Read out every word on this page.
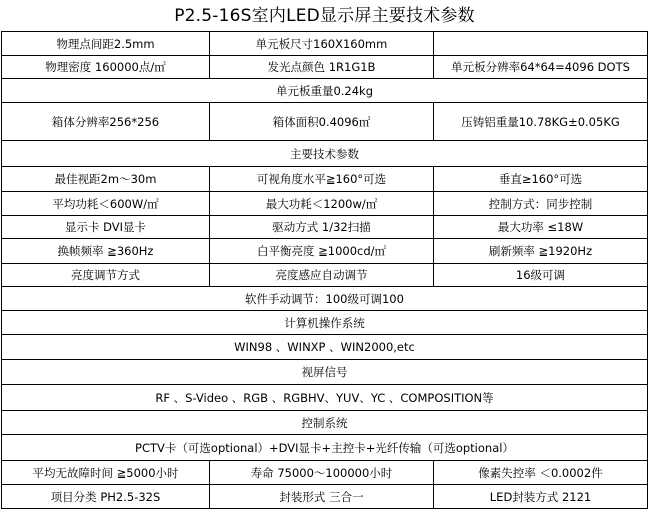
P2.5-16S室内LED显示屏主要技术参数
物理点间距2.5mm	单元板尺寸160X160mm	
物理密度 160000点/㎡	发光点颜色 1R1G1B	单元板分辨率64*64=4096 DOTS
单元板重量0.24kg		
箱体分辨率256*256	箱体面积0.4096㎡	压铸铝重量10.78KG±0.05KG
主要技术参数		
最佳视距2m～30m	可视角度水平≧160°可选	垂直≥160°可选
平均功耗＜600W/㎡	最大功耗＜1200w/㎡	控制方式：同步控制
显示卡 DVI显卡	驱动方式 1/32扫描	最大功率 ≤18W
换帧频率 ≧360Hz	白平衡亮度 ≧1000cd/㎡	刷新频率 ≧1920Hz
亮度调节方式	亮度感应自动调节	16级可调
软件手动调节：100级可调100		
计算机操作系统		
WIN98 、WINXP 、WIN2000,etc		
视屏信号		
RF 、S-Video 、RGB 、RGBHV、YUV、YC 、COMPOSITION等		
控制系统		
PCTV卡（可选optional）+DVI显卡+主控卡+光纤传输（可选optional）		
平均无故障时间 ≧5000小时	寿命 75000～100000小时	像素失控率 ＜0.0002件
项目分类 PH2.5-32S	封装形式 三合一	LED封装方式 2121
